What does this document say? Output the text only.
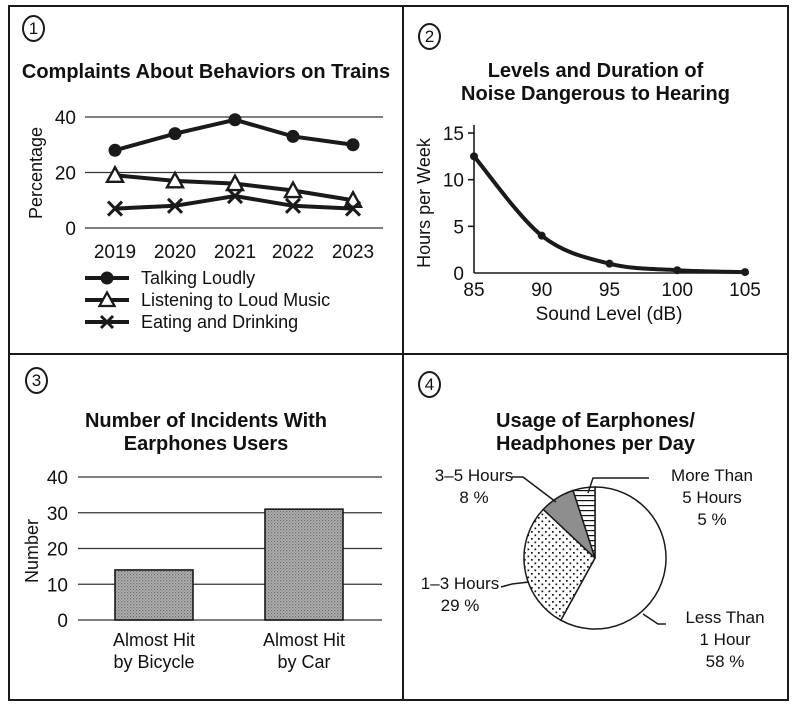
1
Complaints About Behaviors on Trains
0
20
40
2019 2020 2021 2022 2023
Percentage
Talking Loudly
Listening to Loud Music
Eating and Drinking
2
Levels and Duration of
Noise Dangerous to Hearing
0
5
10
15
85 90 95 100 105
Sound Level (dB)
Hours per Week
3
Number of Incidents With
Earphones Users
0
10
20
30
40
Number
Almost Hit
by Bicycle
Almost Hit
by Car
4
Usage of Earphones/
Headphones per Day
3–5 Hours
8 %
More Than
5 Hours
5 %
1–3 Hours
29 %
Less Than
1 Hour
58 %
